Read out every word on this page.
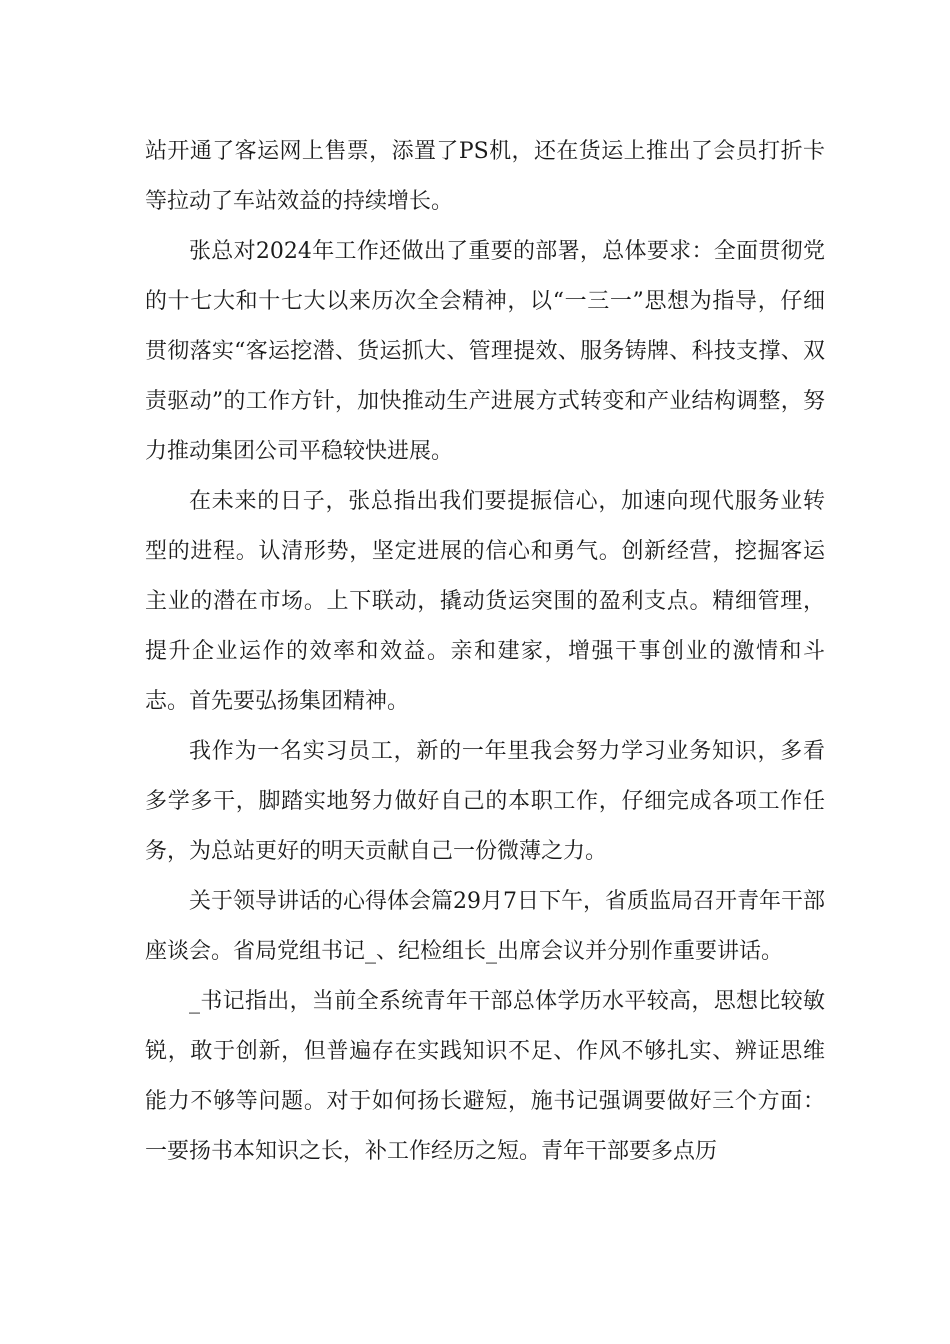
站开通了客运网上售票，添置了PS机，还在货运上推出了会员打折卡等拉动了车站效益的持续增长。

张总对2024年工作还做出了重要的部署，总体要求：全面贯彻党的十七大和十七大以来历次全会精神，以“一三一”思想为指导，仔细贯彻落实“客运挖潜、货运抓大、管理提效、服务铸牌、科技支撑、双责驱动”的工作方针，加快推动生产进展方式转变和产业结构调整，努力推动集团公司平稳较快进展。

在未来的日子，张总指出我们要提振信心，加速向现代服务业转型的进程。认清形势，坚定进展的信心和勇气。创新经营，挖掘客运主业的潜在市场。上下联动，撬动货运突围的盈利支点。精细管理，提升企业运作的效率和效益。亲和建家，增强干事创业的激情和斗志。首先要弘扬集团精神。

我作为一名实习员工，新的一年里我会努力学习业务知识，多看多学多干，脚踏实地努力做好自己的本职工作，仔细完成各项工作任务，为总站更好的明天贡献自己一份微薄之力。

关于领导讲话的心得体会篇29月7日下午，省质监局召开青年干部座谈会。省局党组书记_、纪检组长_出席会议并分别作重要讲话。

_书记指出，当前全系统青年干部总体学历水平较高，思想比较敏锐，敢于创新，但普遍存在实践知识不足、作风不够扎实、辨证思维能力不够等问题。对于如何扬长避短，施书记强调要做好三个方面：一要扬书本知识之长，补工作经历之短。青年干部要多点历
